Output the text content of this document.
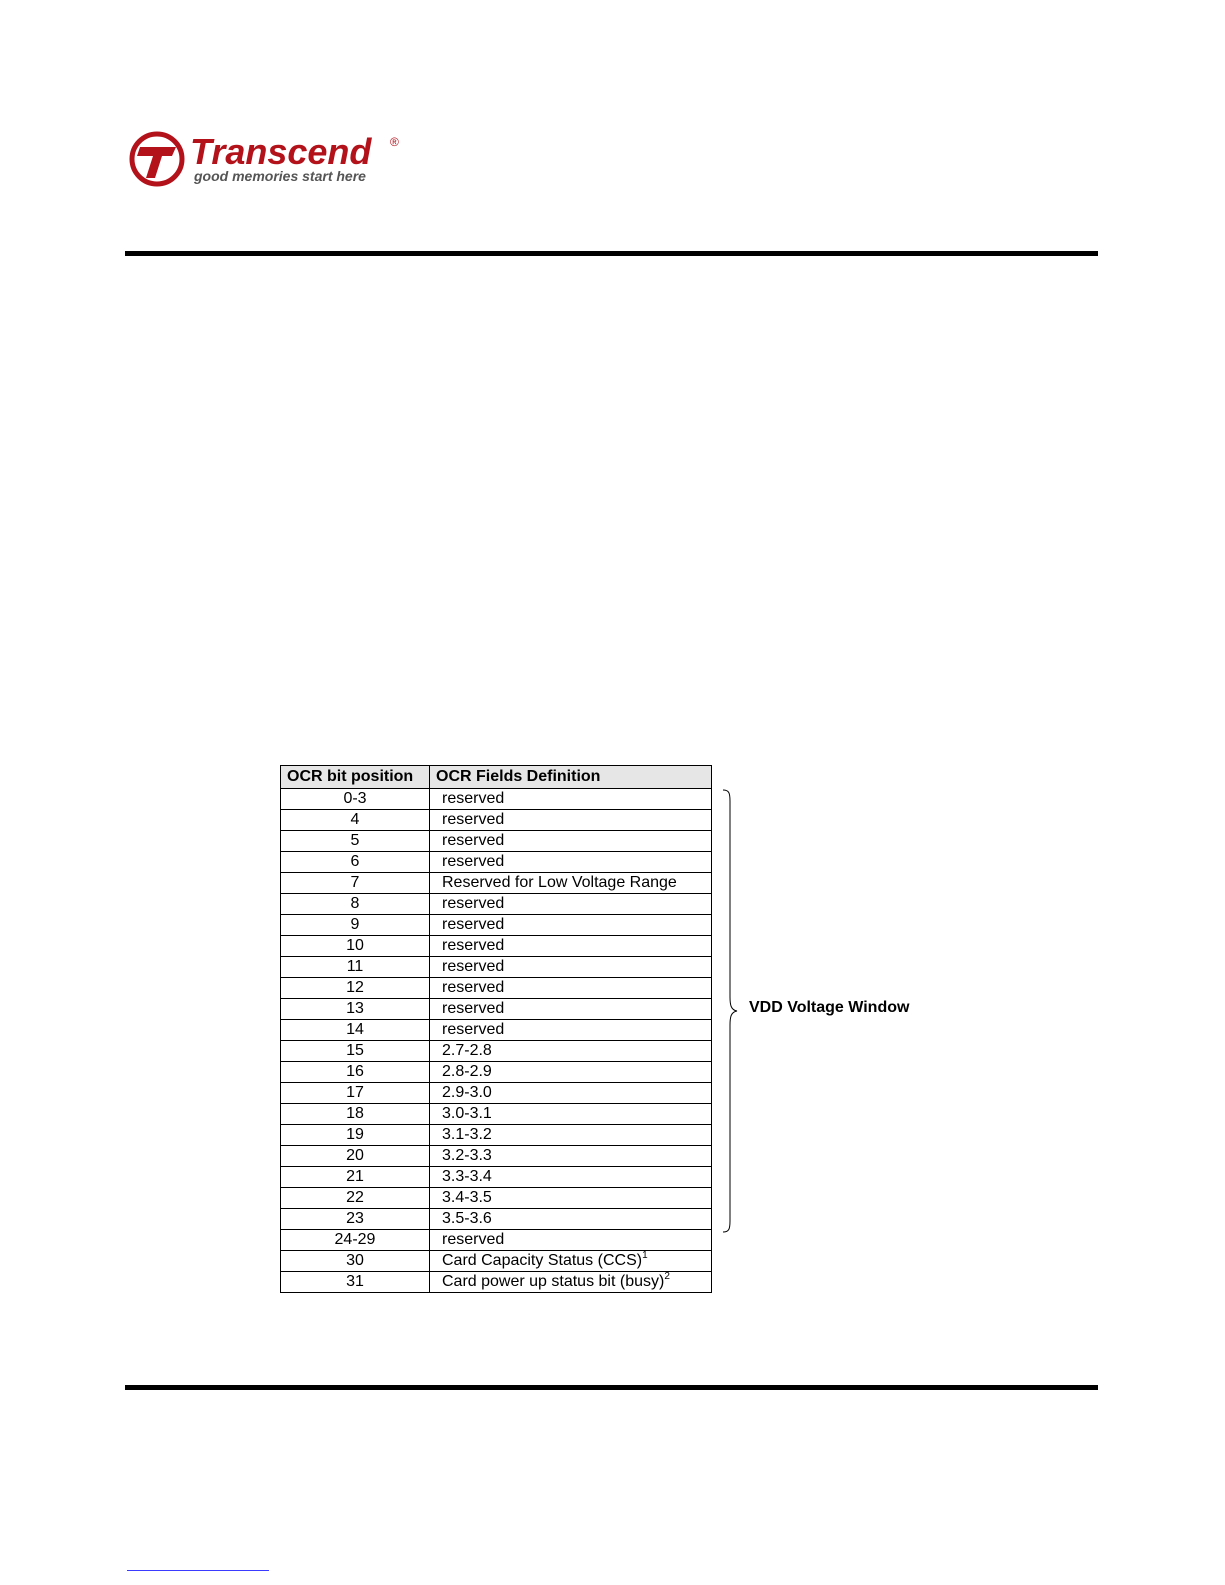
Transcend ®
good memories start here
OCR bit position	OCR Fields Definition
0-3	reserved
4	reserved
5	reserved
6	reserved
7	Reserved for Low Voltage Range
8	reserved
9	reserved
10	reserved
11	reserved
12	reserved
13	reserved
14	reserved
15	2.7-2.8
16	2.8-2.9
17	2.9-3.0
18	3.0-3.1
19	3.1-3.2
20	3.2-3.3
21	3.3-3.4
22	3.4-3.5
23	3.5-3.6
24-29	reserved
30	Card Capacity Status (CCS)$^1$
31	Card power up status bit (busy)$^2$
VDD Voltage Window
